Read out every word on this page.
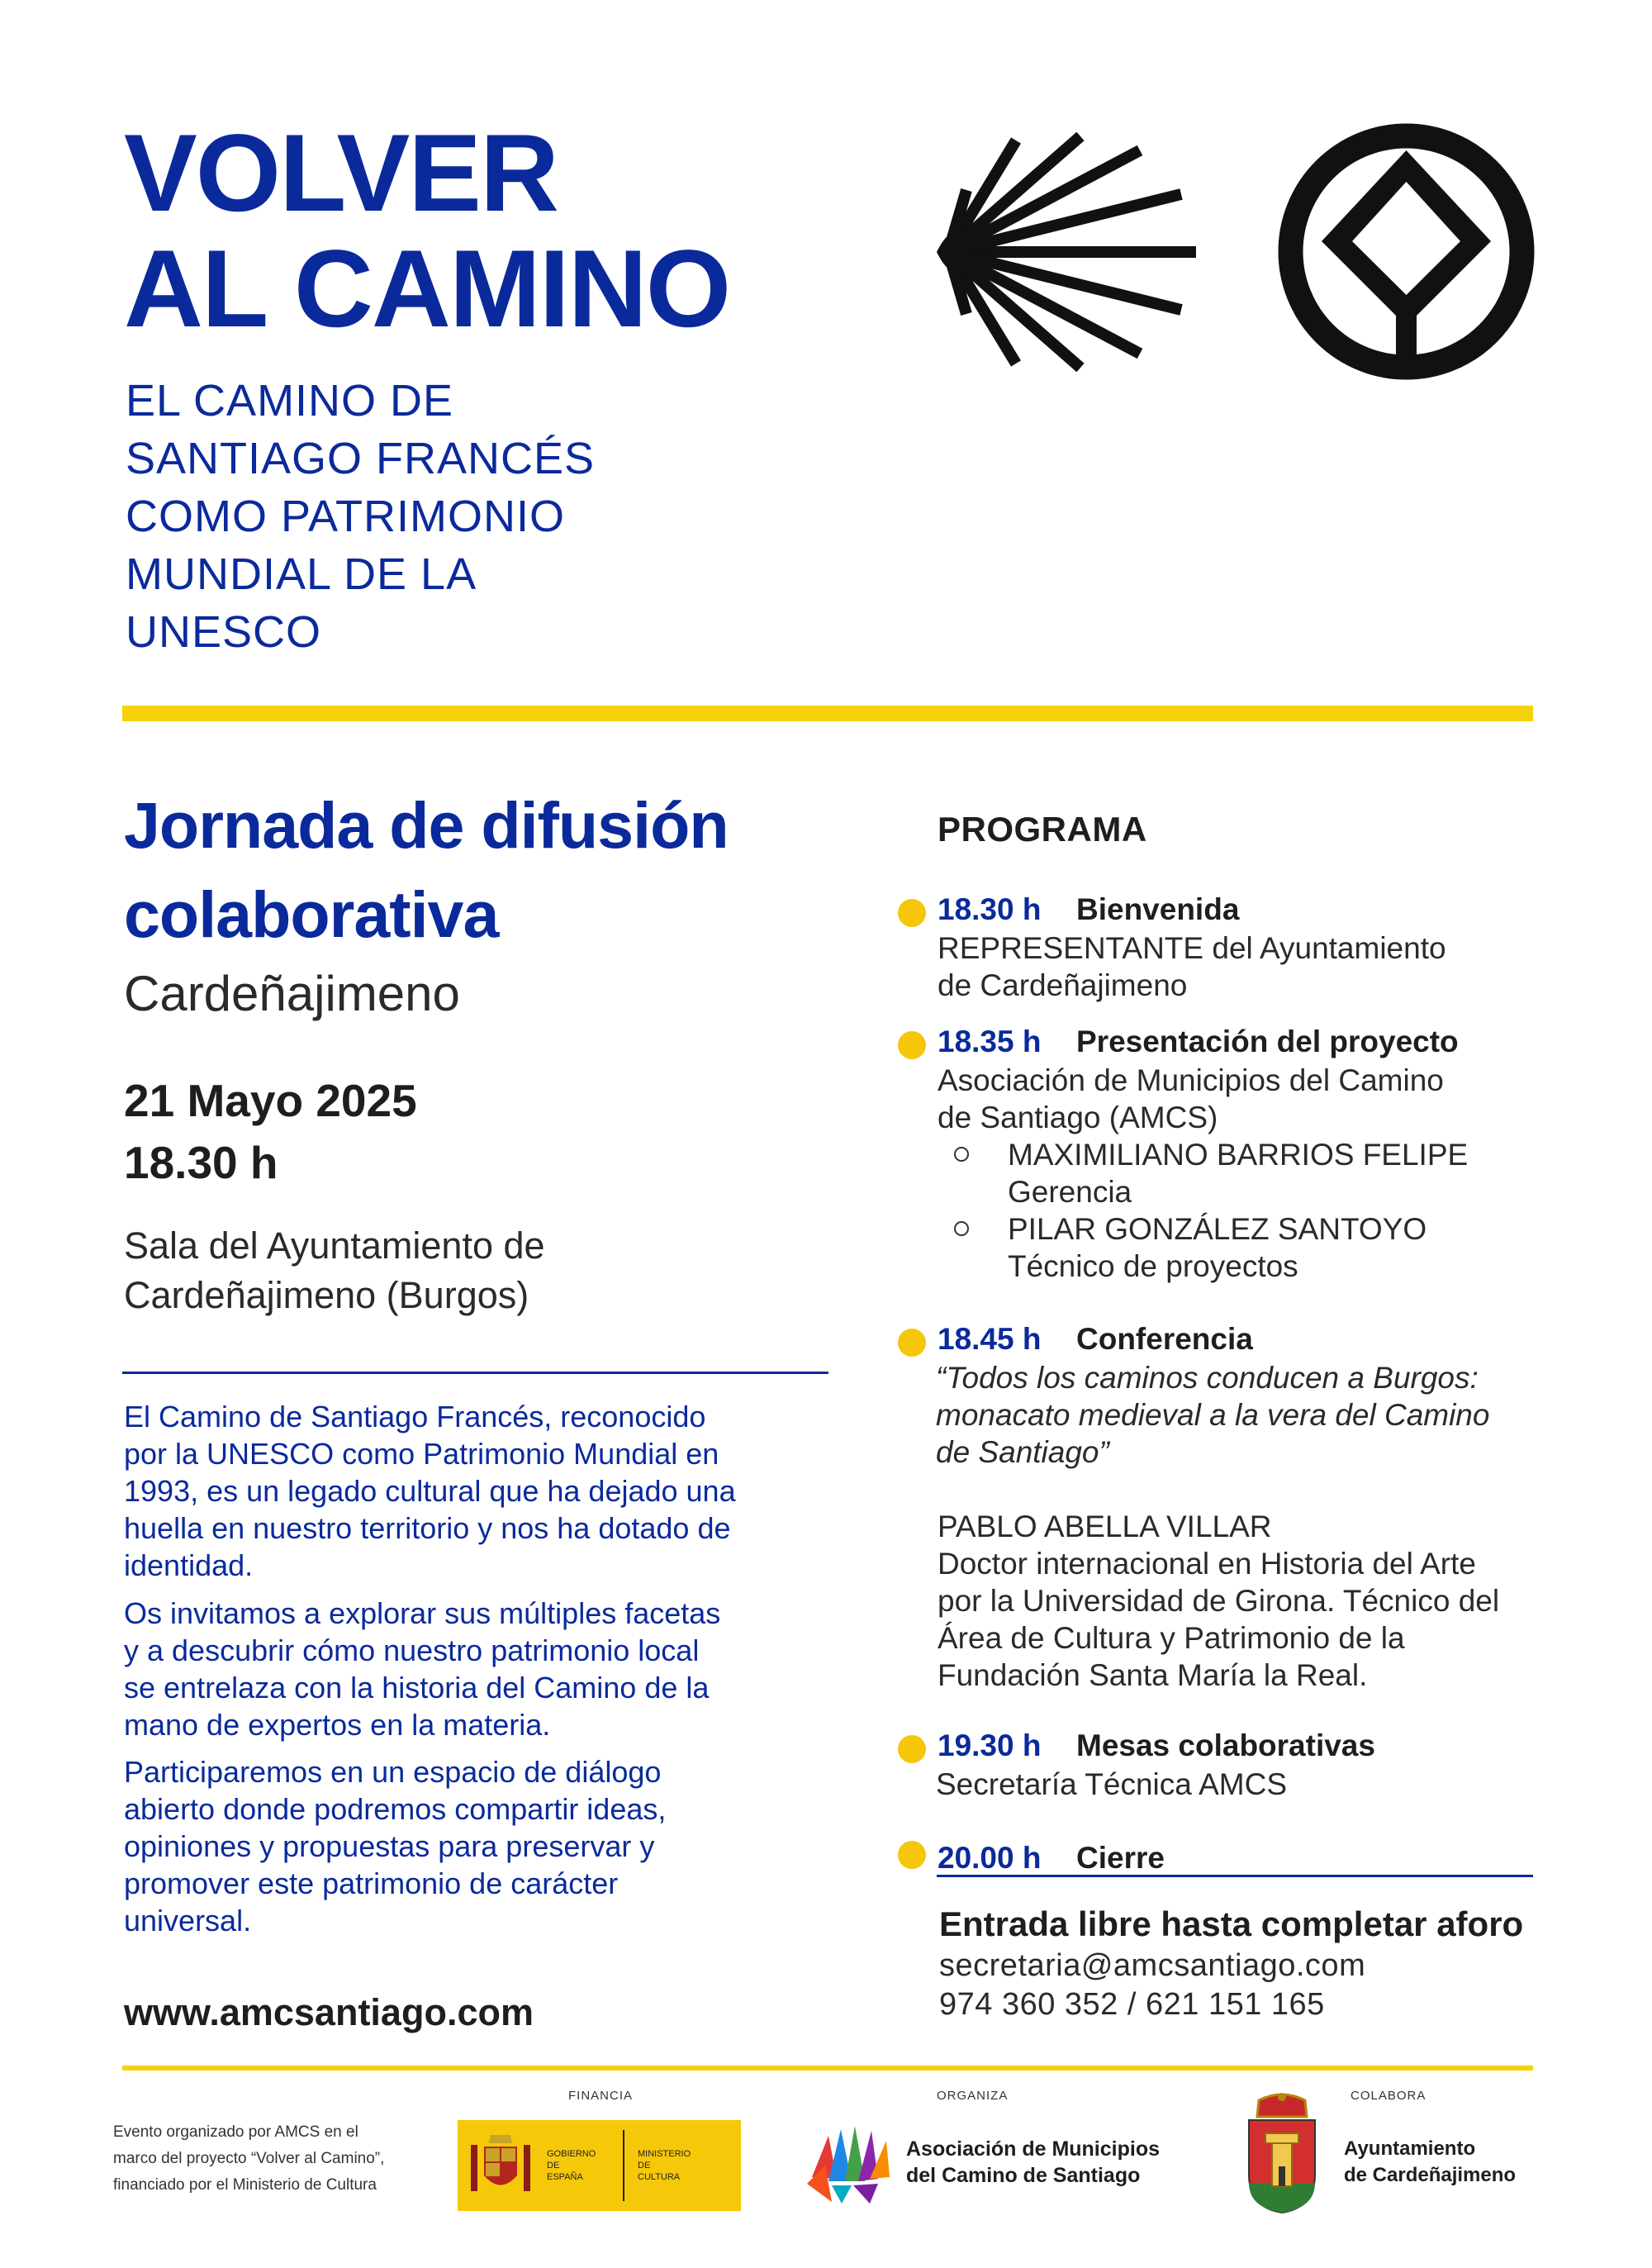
VOLVER
AL CAMINO
EL CAMINO DE
SANTIAGO FRANCÉS
COMO PATRIMONIO
MUNDIAL DE LA
UNESCO
Jornada de difusión
colaborativa
Cardeñajimeno
21 Mayo 2025
18.30 h
Sala del Ayuntamiento de
Cardeñajimeno (Burgos)
El Camino de Santiago Francés, reconocido
por la UNESCO como Patrimonio Mundial en
1993, es un legado cultural que ha dejado una
huella en nuestro territorio y nos ha dotado de
identidad.
Os invitamos a explorar sus múltiples facetas
y a descubrir cómo nuestro patrimonio local
se entrelaza con la historia del Camino de la
mano de expertos en la materia.
Participaremos en un espacio de diálogo
abierto donde podremos compartir ideas,
opiniones y propuestas para preservar y
promover este patrimonio de carácter
universal.
www.amcsantiago.com
PROGRAMA
18.30 h Bienvenida
REPRESENTANTE del Ayuntamiento
de Cardeñajimeno
18.35 h Presentación del proyecto
Asociación de Municipios del Camino
de Santiago (AMCS)
MAXIMILIANO BARRIOS FELIPE
Gerencia
PILAR GONZÁLEZ SANTOYO
Técnico de proyectos
18.45 h Conferencia
“Todos los caminos conducen a Burgos:
monacato medieval a la vera del Camino
de Santiago”
PABLO ABELLA VILLAR
Doctor internacional en Historia del Arte
por la Universidad de Girona. Técnico del
Área de Cultura y Patrimonio de la
Fundación Santa María la Real.
19.30 h Mesas colaborativas
Secretaría Técnica AMCS
20.00 h Cierre
Entrada libre hasta completar aforo
secretaria@amcsantiago.com
974 360 352 / 621 151 165
Evento organizado por AMCS en el
marco del proyecto “Volver al Camino”,
financiado por el Ministerio de Cultura
FINANCIA	ORGANIZA	COLABORA
GOBIERNO
DE
ESPAÑA
MINISTERIO
DE
CULTURA
Asociación de Municipios
del Camino de Santiago
Ayuntamiento
de Cardeñajimeno
